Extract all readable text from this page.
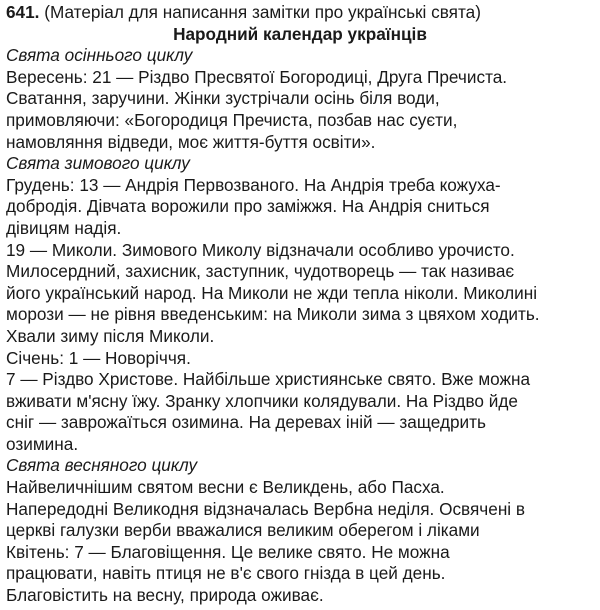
641. (Матеріал для написання замітки про українські свята)
Народний календар українців
Свята осіннього циклу
Вересень: 21 — Різдво Пресвятої Богородиці, Друга Пречиста.
Сватання, заручини. Жінки зустрічали осінь біля води,
примовляючи: «Богородиця Пречиста, позбав нас суєти,
намовляння відведи, моє життя-буття освіти».
Свята зимового циклу
Грудень: 13 — Андрія Первозваного. На Андрія треба кожуха-
добродія. Дівчата ворожили про заміжжя. На Андрія сниться
дівицям надія.
19 — Миколи. Зимового Миколу відзначали особливо урочисто.
Милосердний, захисник, заступник, чудотворець — так називає
його український народ. На Миколи не жди тепла ніколи. Миколині
морози — не рівня введенським: на Миколи зима з цвяхом ходить.
Хвали зиму після Миколи.
Січень: 1 — Новоріччя.
7 — Різдво Христове. Найбільше християнське свято. Вже можна
вживати м'ясну їжу. Зранку хлопчики колядували. На Різдво йде
сніг — заврожаїться озимина. На деревах іній — защедрить
озимина.
Свята весняного циклу
Найвеличнішим святом весни є Великдень, або Пасха.
Напередодні Великодня відзначалась Вербна неділя. Освячені в
церкві галузки верби вважалися великим оберегом і ліками
Квітень: 7 — Благовіщення. Це велике свято. Не можна
працювати, навіть птиця не в'є свого гнізда в цей день.
Благовістить на весну, природа оживає.
